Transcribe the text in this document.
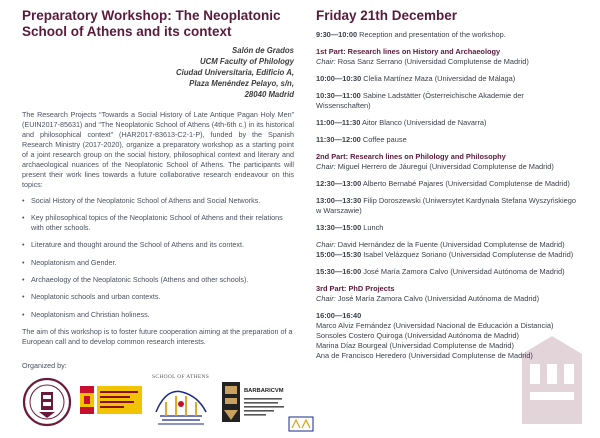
Preparatory Workshop: The Neoplatonic School of Athens and its context
Salón de Grados
UCM Faculty of Philology
Ciudad Universitaria, Edificio A,
Plaza Menéndez Pelayo, s/n,
28040 Madrid

The Research Projects “Towards a Social History of Late Antique Pagan Holy Men” (EUIN2017-85631) and “The Neoplatonic School of Athens (4th-6th c.) in its historical and philosophical context” (HAR2017-83613-C2-1-P), funded by the Spanish Research Ministry (2017-2020), organize a preparatory workshop as a starting point of a joint research group on the social history, philosophical context and literary and archaeological nuances of the Neoplatonic School of Athens. The participants will present their work lines towards a future collaborative research endeavour on this topics:

• Social History of the Neoplatonic School of Athens and Social Networks.
• Key philosophical topics of the Neoplatonic School of Athens and their relations with other schools.
• Literature and thought around the School of Athens and its context.
• Neoplatonism and Gender.
• Archaeology of the Neoplatonic Schools (Athens and other schools).
• Neoplatonic schools and urban contexts.
• Neoplatonism and Christian holiness.

The aim of this workshop is to foster future cooperation aiming at the preparation of a European call and to develop common research interests.

Organized by:
SCHOOL OF ATHENS
BARBARICVM
Friday 21th December
9:30—10:00 Reception and presentation of the workshop.
1st Part: Research lines on History and Archaeology
Chair: Rosa Sanz Serrano (Universidad Complutense de Madrid)
10:00—10:30 Clelia Martínez Maza (Universidad de Málaga)
10:30—11:00 Sabine Ladstätter (Österreichische Akademie der Wissenschaften)
11:00—11:30 Aitor Blanco (Universidad de Navarra)
11:30—12:00 Coffee pause
2nd Part: Research lines on Philology and Philosophy
Chair: Miguel Herrero de Jáuregui (Universidad Complutense de Madrid)
12:30—13:00 Alberto Bernabé Pajares (Universidad Complutense de Madrid)
13:00—13:30 Filip Doroszewski (Uniwersytet Kardynała Stefana Wyszyńskiego w Warszawie)
13:30—15:00 Lunch
Chair: David Hernández de la Fuente (Universidad Complutense de Madrid)
15:00—15:30 Isabel Velázquez Soriano (Universidad Complutense de Madrid)
15:30—16:00 José María Zamora Calvo (Universidad Autónoma de Madrid)
3rd Part: PhD Projects
Chair: José María Zamora Calvo (Universidad Autónoma de Madrid)
16:00—16:40
Marco Alviz Fernández (Universidad Nacional de Educación a Distancia)
Sonsoles Costero Quiroga (Universidad Autónoma de Madrid)
Marina Díaz Bourgeal (Universidad Complutense de Madrid)
Ana de Francisco Heredero (Universidad Complutense de Madrid)
